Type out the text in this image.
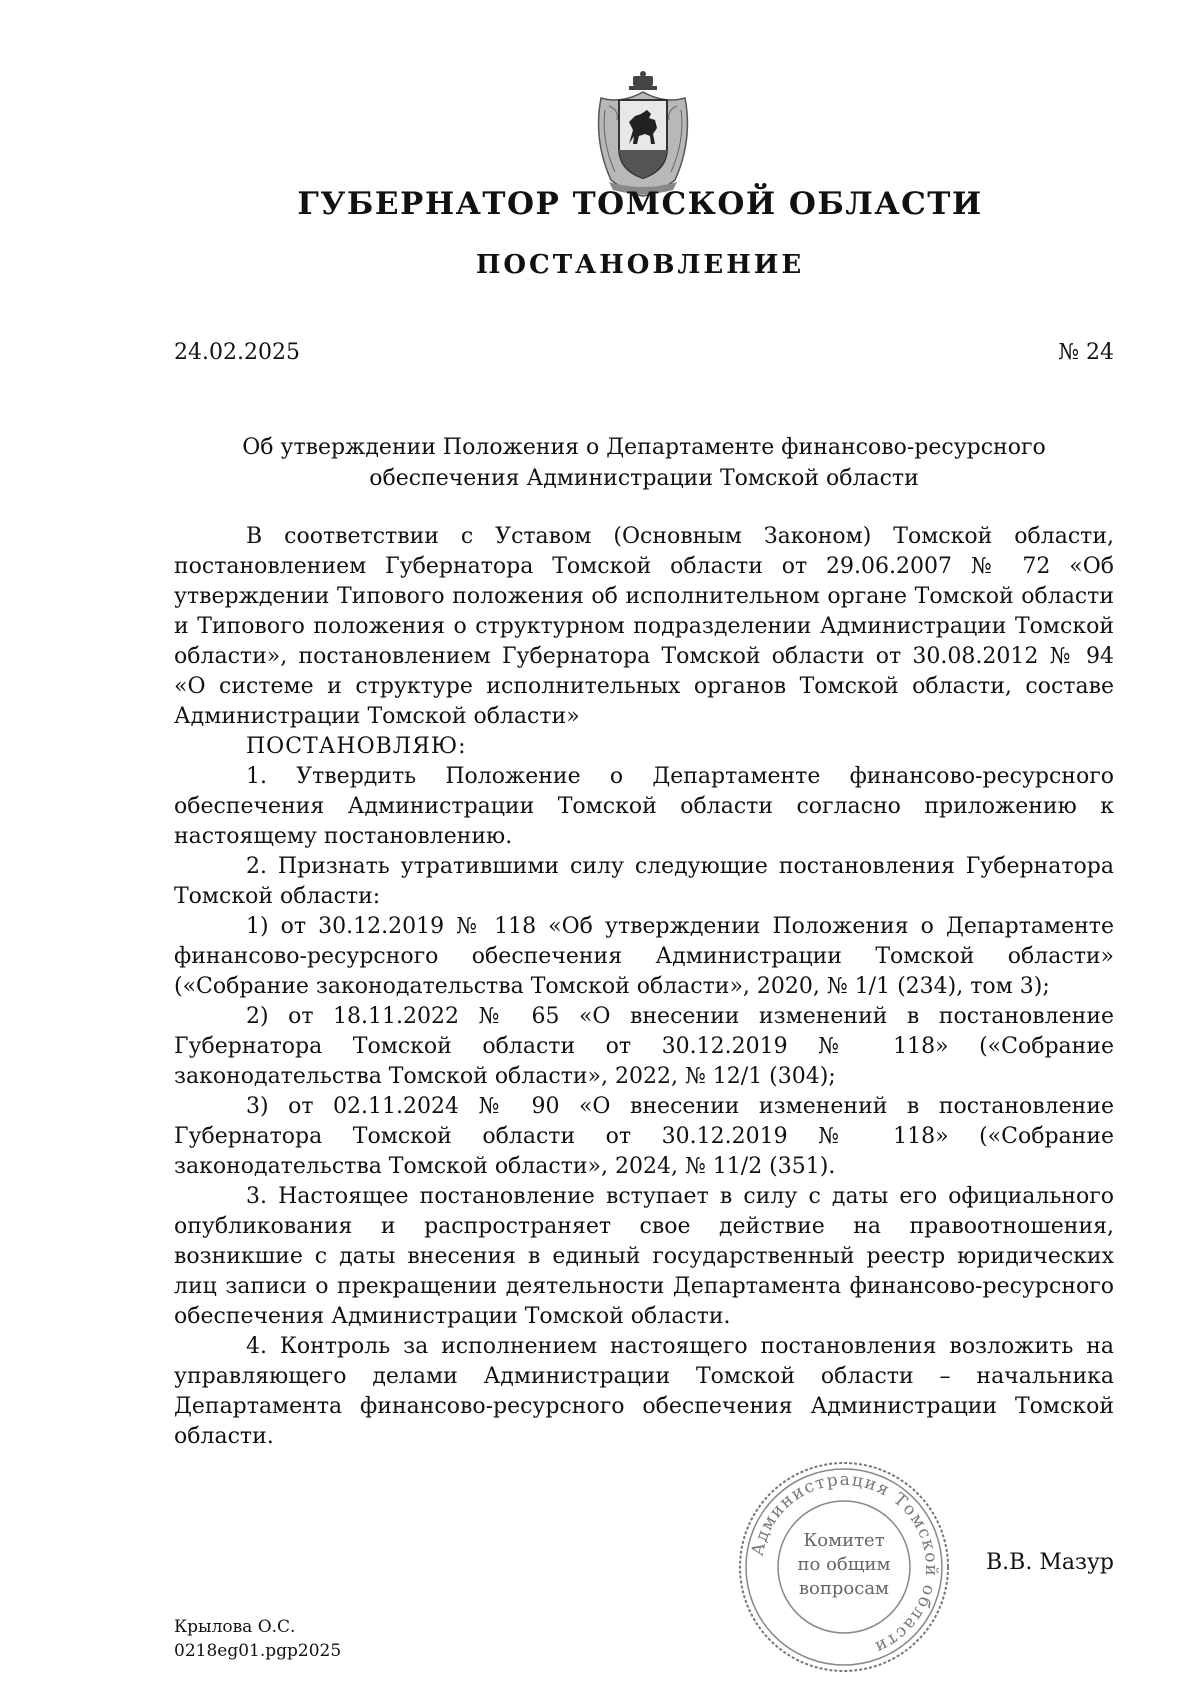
ГУБЕРНАТОР ТОМСКОЙ ОБЛАСТИ
ПОСТАНОВЛЕНИЕ
24.02.2025	№ 24
Об утверждении Положения о Департаменте финансово-ресурсного
обеспечения Администрации Томской области

В соответствии с Уставом (Основным Законом) Томской области, постановлением Губернатора Томской области от 29.06.2007 № 72 «Об утверждении Типового положения об исполнительном органе Томской области и Типового положения о структурном подразделении Администрации Томской области», постановлением Губернатора Томской области от 30.08.2012 № 94 «О системе и структуре исполнительных органов Томской области, составе Администрации Томской области»

ПОСТАНОВЛЯЮ:

1. Утвердить Положение о Департаменте финансово-ресурсного обеспечения Администрации Томской области согласно приложению к настоящему постановлению.

2. Признать утратившими силу следующие постановления Губернатора Томской области:

1) от 30.12.2019 № 118 «Об утверждении Положения о Департаменте финансово-ресурсного обеспечения Администрации Томской области» («Собрание законодательства Томской области», 2020, № 1/1 (234), том 3);

2) от 18.11.2022 № 65 «О внесении изменений в постановление Губернатора Томской области от 30.12.2019 № 118» («Собрание законодательства Томской области», 2022, № 12/1 (304);

3) от 02.11.2024 № 90 «О внесении изменений в постановление Губернатора Томской области от 30.12.2019 № 118» («Собрание законодательства Томской области», 2024, № 11/2 (351).

3. Настоящее постановление вступает в силу с даты его официального опубликования и распространяет свое действие на правоотношения, возникшие с даты внесения в единый государственный реестр юридических лиц записи о прекращении деятельности Департамента финансово-ресурсного обеспечения Администрации Томской области.

4. Контроль за исполнением настоящего постановления возложить на управляющего делами Администрации Томской области – начальника Департамента финансово-ресурсного обеспечения Администрации Томской области.

Администрация Томской области
Комитет
по общим
вопросам
В.В. Мазур
Крылова О.С.
0218eg01.pgp2025
